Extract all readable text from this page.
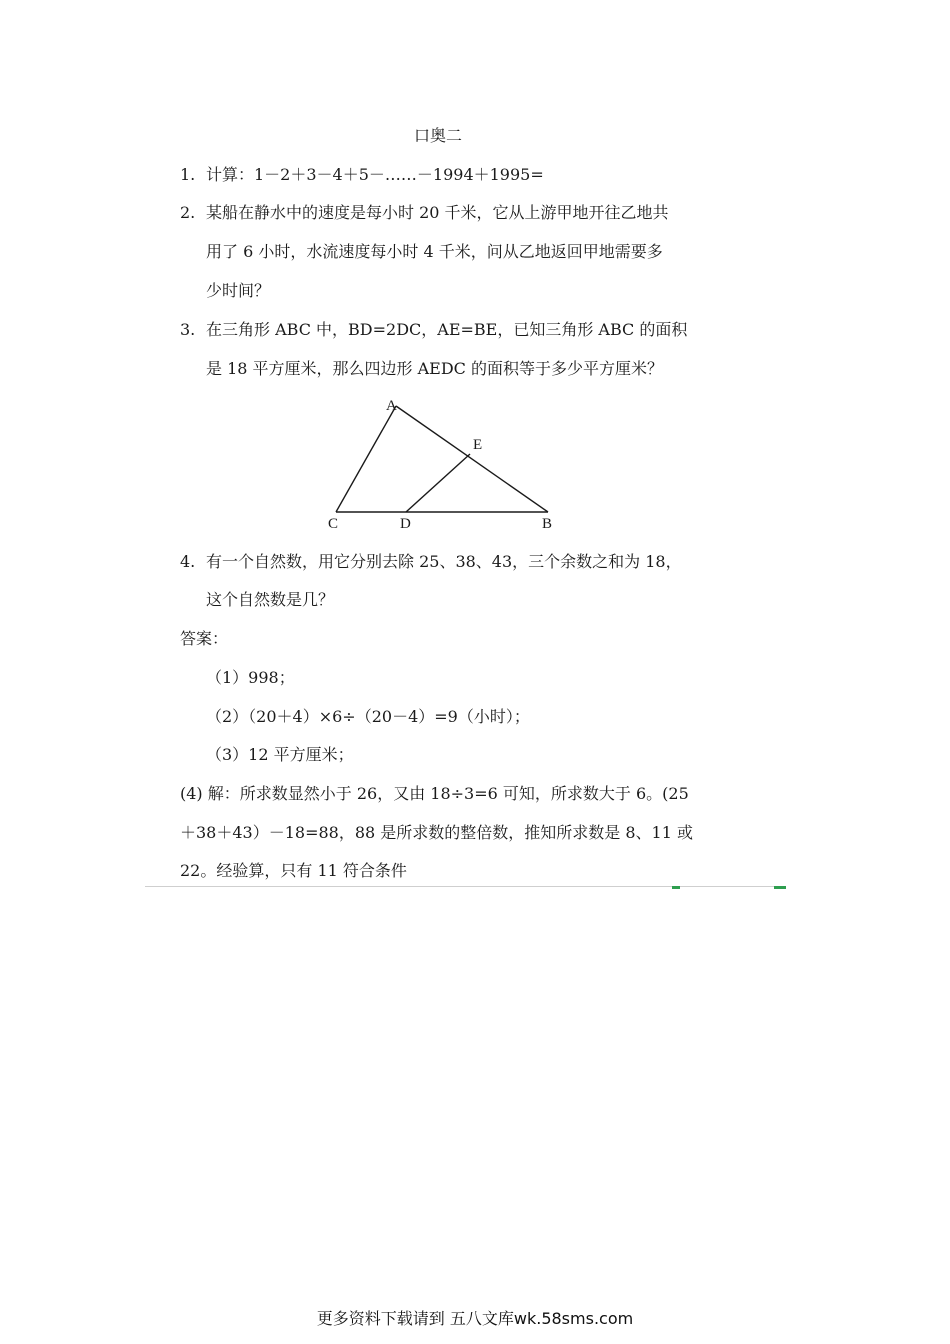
口奥二
1. 计算：1－2＋3－4＋5－……－1994＋1995=
2. 某船在静水中的速度是每小时 20 千米，它从上游甲地开往乙地共
用了 6 小时，水流速度每小时 4 千米，问从乙地返回甲地需要多
少时间？
3. 在三角形 ABC 中，BD=2DC，AE=BE，已知三角形 ABC 的面积
是 18 平方厘米，那么四边形 AEDC 的面积等于多少平方厘米？
A
E
C	D	B
4. 有一个自然数，用它分别去除 25、38、43，三个余数之和为 18，
这个自然数是几？
答案：
（1）998；
（2）（20＋4）×6÷（20－4）=9（小时）；
（3）12 平方厘米；
(4) 解：所求数显然小于 26，又由 18÷3=6 可知，所求数大于 6。(25
＋38＋43）－18=88，88 是所求数的整倍数，推知所求数是 8、11 或
22。经验算，只有 11 符合条件
更多资料下载请到 五八文库wk.58sms.com
